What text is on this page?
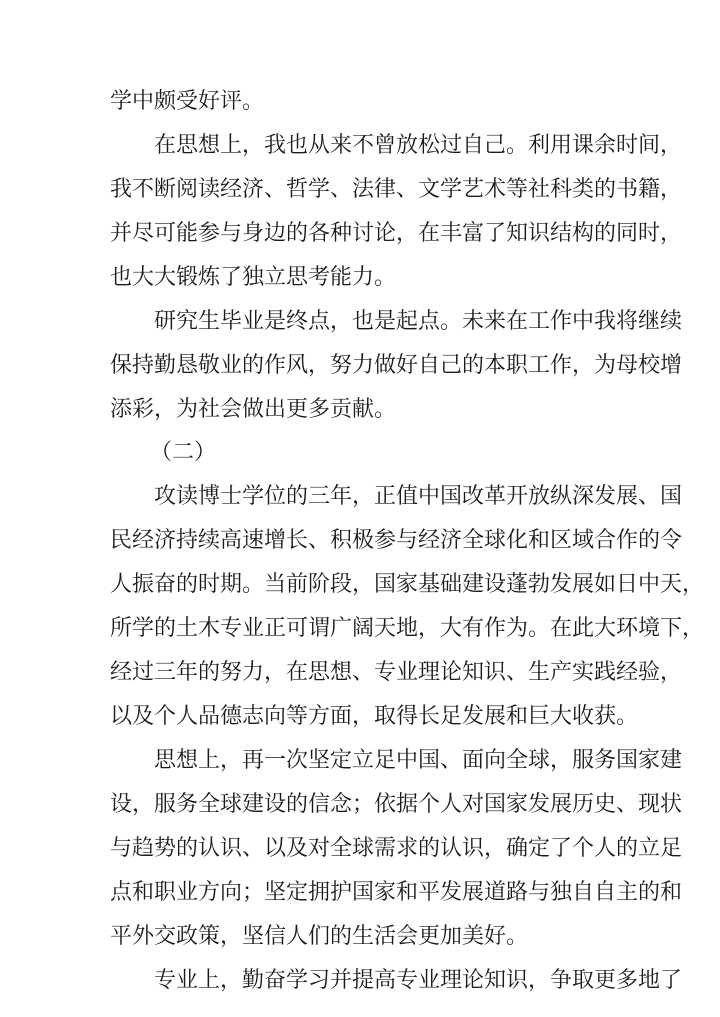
学中颇受好评。
在思想上，我也从来不曾放松过自己。利用课余时间，
我不断阅读经济、哲学、法律、文学艺术等社科类的书籍，
并尽可能参与身边的各种讨论，在丰富了知识结构的同时，
也大大锻炼了独立思考能力。
研究生毕业是终点，也是起点。未来在工作中我将继续
保持勤恳敬业的作风，努力做好自己的本职工作，为母校增
添彩，为社会做出更多贡献。
（二）
攻读博士学位的三年，正值中国改革开放纵深发展、国
民经济持续高速增长、积极参与经济全球化和区域合作的令
人振奋的时期。当前阶段，国家基础建设蓬勃发展如日中天，
所学的土木专业正可谓广阔天地，大有作为。在此大环境下，
经过三年的努力，在思想、专业理论知识、生产实践经验，
以及个人品德志向等方面，取得长足发展和巨大收获。
思想上，再一次坚定立足中国、面向全球，服务国家建
设，服务全球建设的信念；依据个人对国家发展历史、现状
与趋势的认识、以及对全球需求的认识，确定了个人的立足
点和职业方向；坚定拥护国家和平发展道路与独自自主的和
平外交政策，坚信人们的生活会更加美好。
专业上，勤奋学习并提高专业理论知识，争取更多地了
